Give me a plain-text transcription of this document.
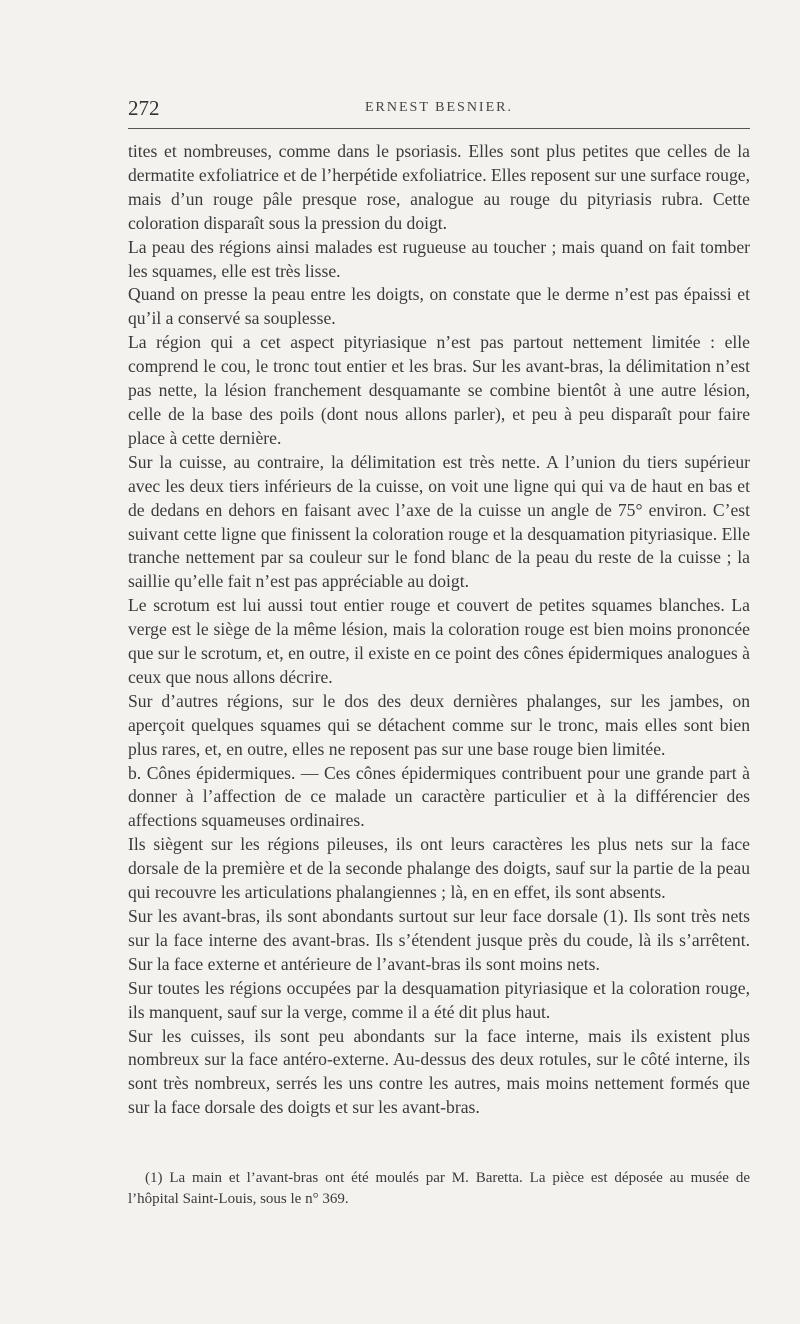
272	ERNEST BESNIER.

tites et nombreuses, comme dans le psoriasis. Elles sont plus petites que celles de la dermatite exfoliatrice et de l’herpétide exfoliatrice. Elles reposent sur une surface rouge, mais d’un rouge pâle presque rose, analogue au rouge du pityriasis rubra. Cette coloration disparaît sous la pression du doigt.

La peau des régions ainsi malades est rugueuse au toucher ; mais quand on fait tomber les squames, elle est très lisse.

Quand on presse la peau entre les doigts, on constate que le derme n’est pas épaissi et qu’il a conservé sa souplesse.

La région qui a cet aspect pityriasique n’est pas partout nettement limitée : elle comprend le cou, le tronc tout entier et les bras. Sur les avant-bras, la délimitation n’est pas nette, la lésion franchement desquamante se combine bientôt à une autre lésion, celle de la base des poils (dont nous allons parler), et peu à peu disparaît pour faire place à cette dernière.

Sur la cuisse, au contraire, la délimitation est très nette. A l’union du tiers supérieur avec les deux tiers inférieurs de la cuisse, on voit une ligne qui qui va de haut en bas et de dedans en dehors en faisant avec l’axe de la cuisse un angle de 75° environ. C’est suivant cette ligne que finissent la coloration rouge et la desquamation pityriasique. Elle tranche nettement par sa couleur sur le fond blanc de la peau du reste de la cuisse ; la saillie qu’elle fait n’est pas appréciable au doigt.

Le scrotum est lui aussi tout entier rouge et couvert de petites squames blanches. La verge est le siège de la même lésion, mais la coloration rouge est bien moins prononcée que sur le scrotum, et, en outre, il existe en ce point des cônes épidermiques analogues à ceux que nous allons décrire.

Sur d’autres régions, sur le dos des deux dernières phalanges, sur les jambes, on aperçoit quelques squames qui se détachent comme sur le tronc, mais elles sont bien plus rares, et, en outre, elles ne reposent pas sur une base rouge bien limitée.

b. Cônes épidermiques. — Ces cônes épidermiques contribuent pour une grande part à donner à l’affection de ce malade un caractère particulier et à la différencier des affections squameuses ordinaires.

Ils siègent sur les régions pileuses, ils ont leurs caractères les plus nets sur la face dorsale de la première et de la seconde phalange des doigts, sauf sur la partie de la peau qui recouvre les articulations phalangiennes ; là, en en effet, ils sont absents.

Sur les avant-bras, ils sont abondants surtout sur leur face dorsale (1). Ils sont très nets sur la face interne des avant-bras. Ils s’étendent jusque près du coude, là ils s’arrêtent. Sur la face externe et antérieure de l’avant-bras ils sont moins nets.

Sur toutes les régions occupées par la desquamation pityriasique et la coloration rouge, ils manquent, sauf sur la verge, comme il a été dit plus haut.

Sur les cuisses, ils sont peu abondants sur la face interne, mais ils existent plus nombreux sur la face antéro-externe. Au-dessus des deux rotules, sur le côté interne, ils sont très nombreux, serrés les uns contre les autres, mais moins nettement formés que sur la face dorsale des doigts et sur les avant-bras.

(1) La main et l’avant-bras ont été moulés par M. Baretta. La pièce est déposée au musée de l’hôpital Saint-Louis, sous le n° 369.
